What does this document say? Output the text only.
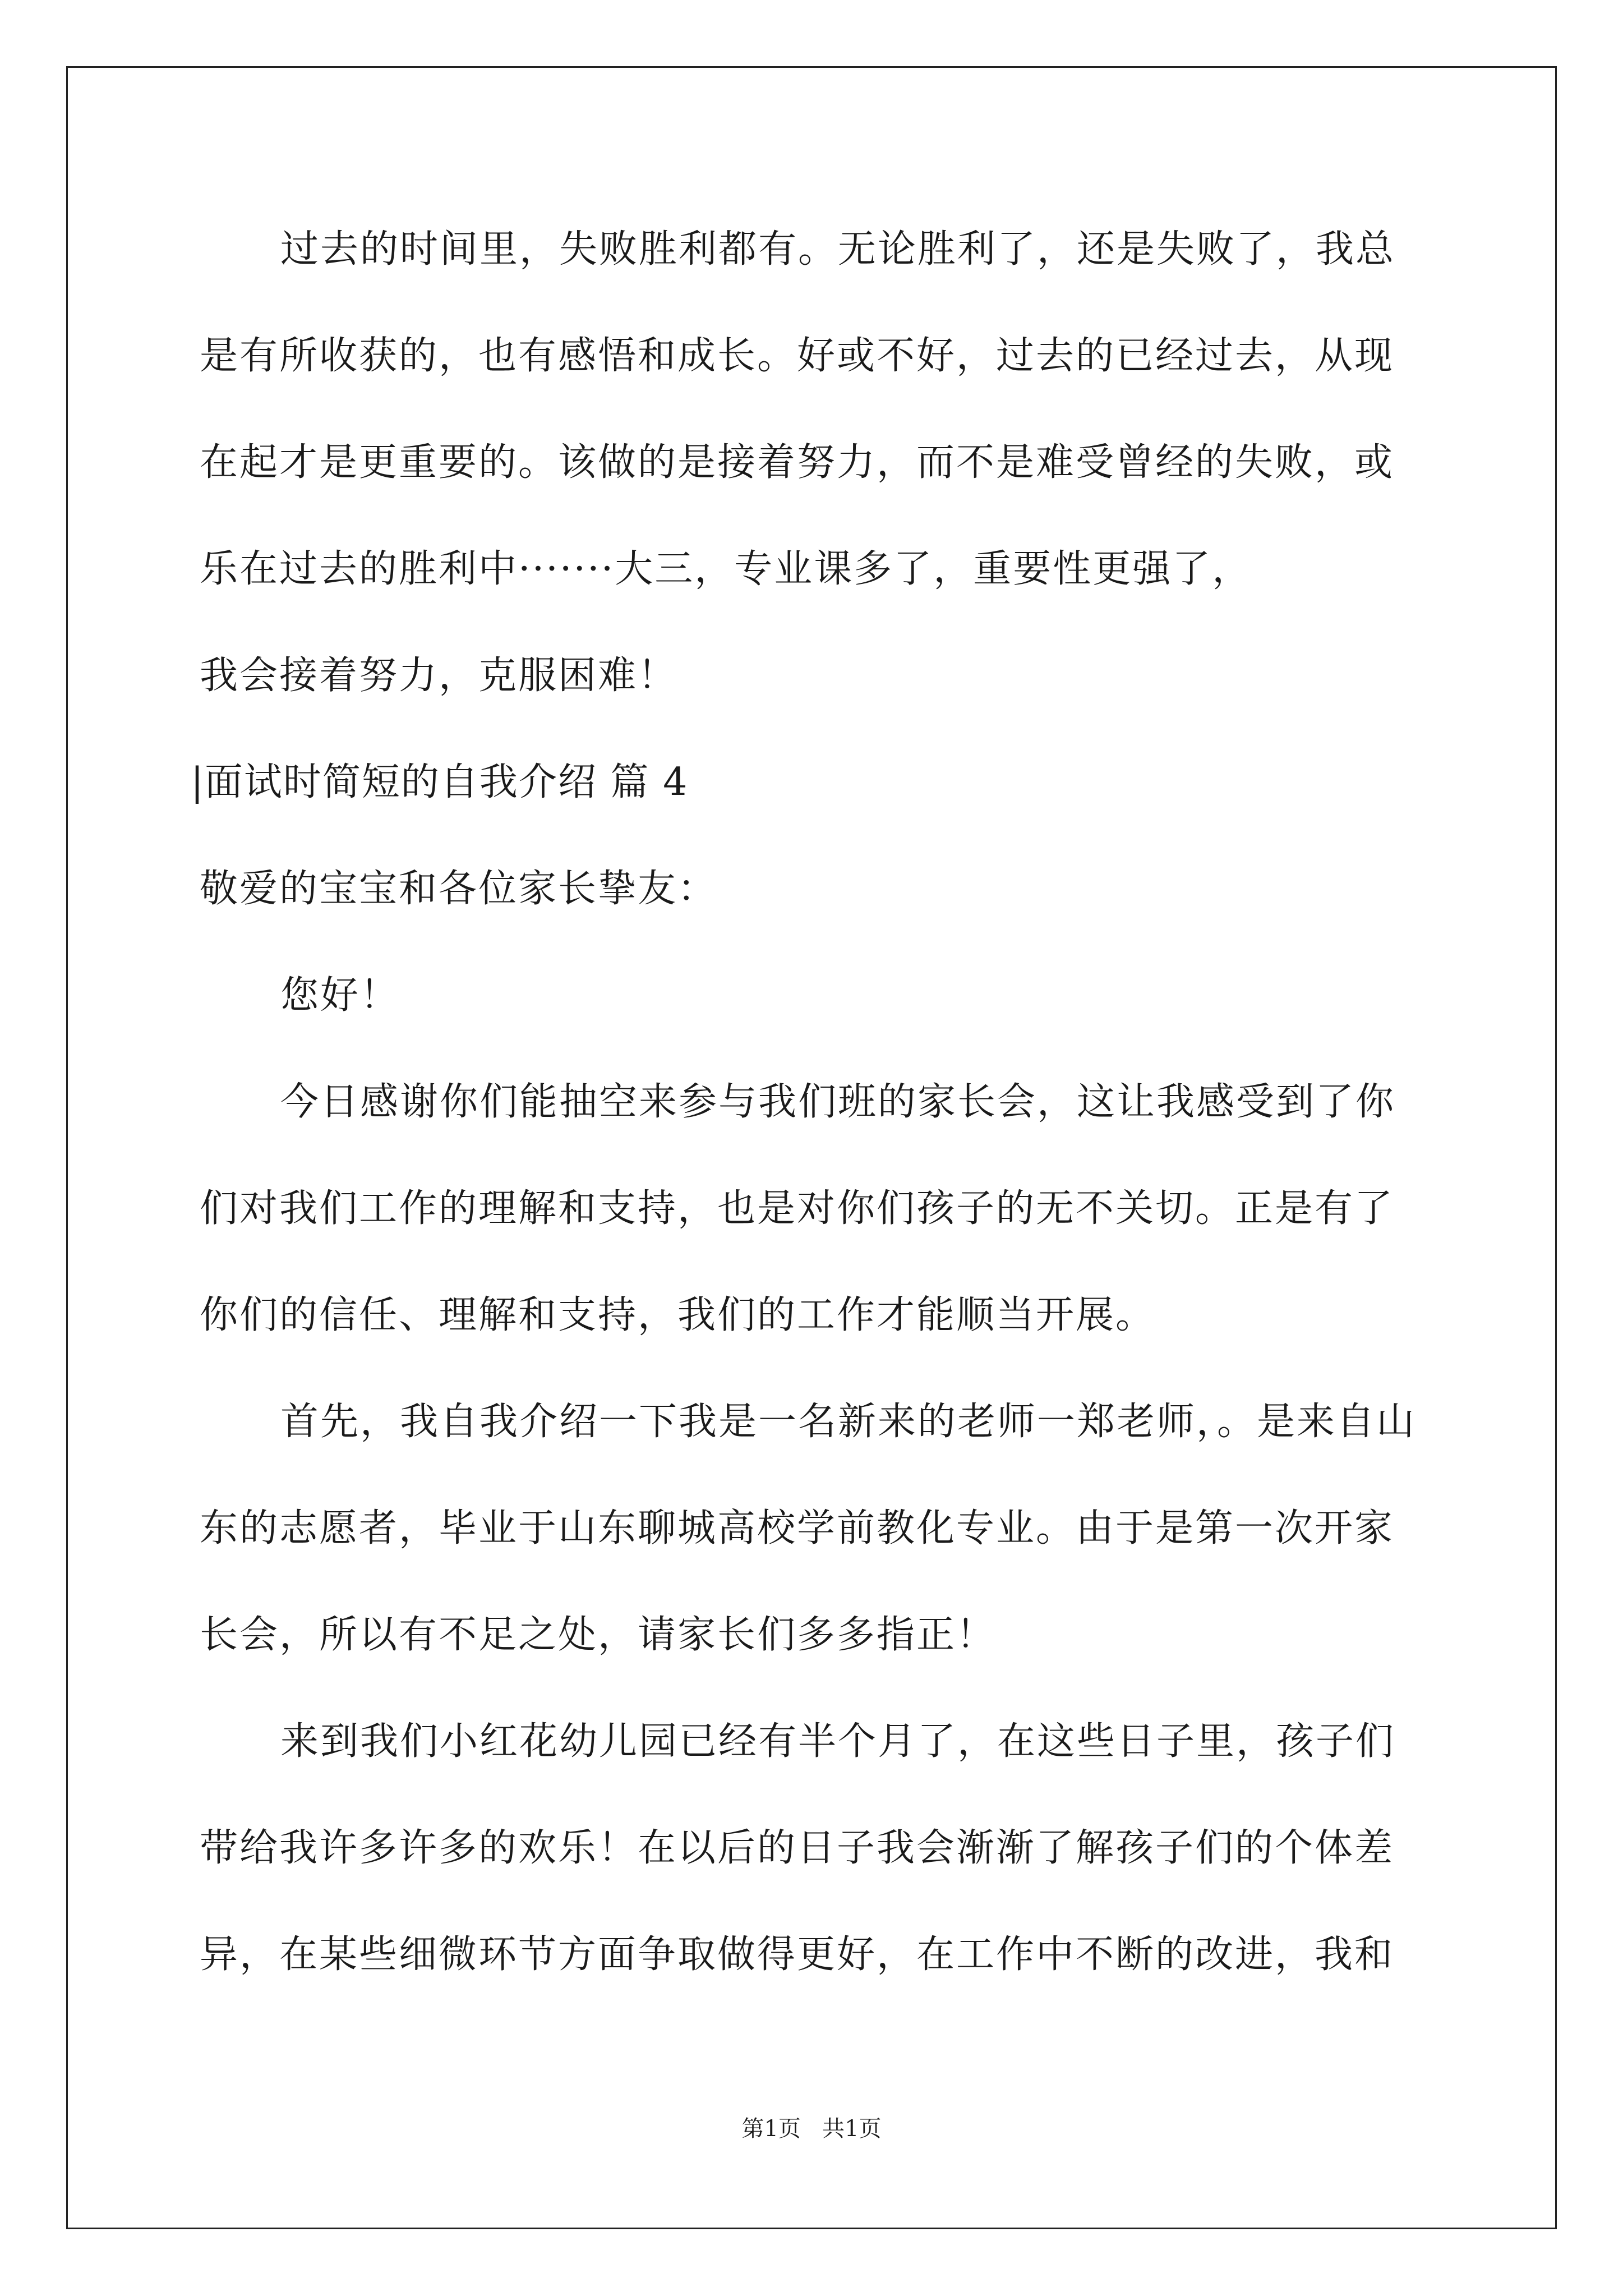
过去的时间里，失败胜利都有。无论胜利了，还是失败了，我总
是有所收获的，也有感悟和成长。好或不好，过去的已经过去，从现
在起才是更重要的。该做的是接着努力，而不是难受曾经的失败，或
乐在过去的胜利中·······大三，专业课多了，重要性更强了，
我会接着努力，克服困难！
|面试时简短的自我介绍 篇 4
敬爱的宝宝和各位家长挚友：
您好！
今日感谢你们能抽空来参与我们班的家长会，这让我感受到了你
们对我们工作的理解和支持，也是对你们孩子的无不关切。正是有了
你们的信任、理解和支持，我们的工作才能顺当开展。
首先，我自我介绍一下我是一名新来的老师一郑老师，。是来自山
东的志愿者，毕业于山东聊城高校学前教化专业。由于是第一次开家
长会，所以有不足之处，请家长们多多指正！
来到我们小红花幼儿园已经有半个月了，在这些日子里，孩子们
带给我许多许多的欢乐！在以后的日子我会渐渐了解孩子们的个体差
异，在某些细微环节方面争取做得更好，在工作中不断的改进，我和
第1页   共1页
